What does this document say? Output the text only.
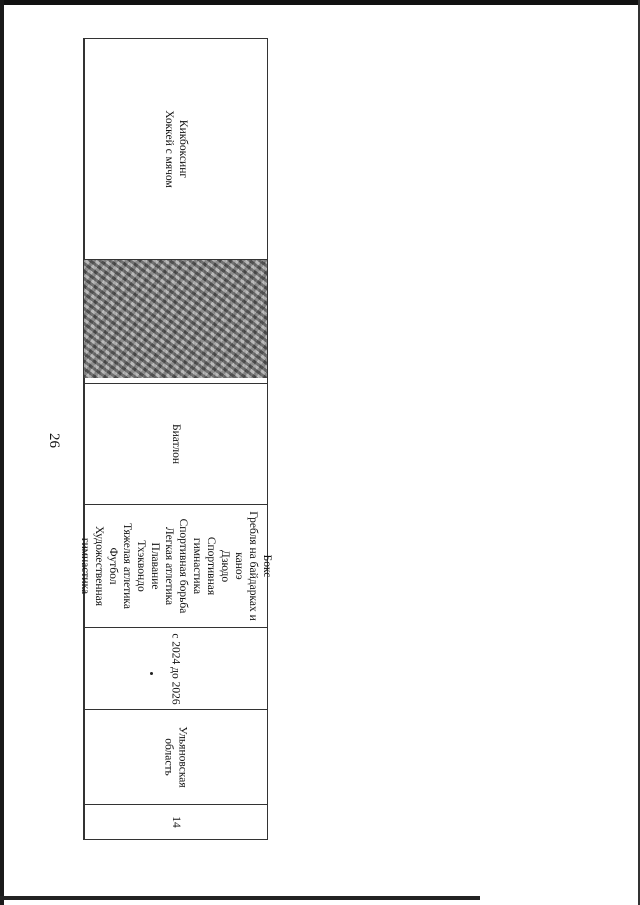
26
14
Ульяновская
область
с 2024 до 2026
Бокс
Гребля на байдарках и
каноэ
Дзюдо
Спортивная
гимнастика
Спортивная борьба
Легкая атлетика
Плавание
Тхэквондо
Тяжелая атлетика
Футбол
Художественная
гимнастика
Биатлон
Кикбоксинг
Хоккей с мячом
